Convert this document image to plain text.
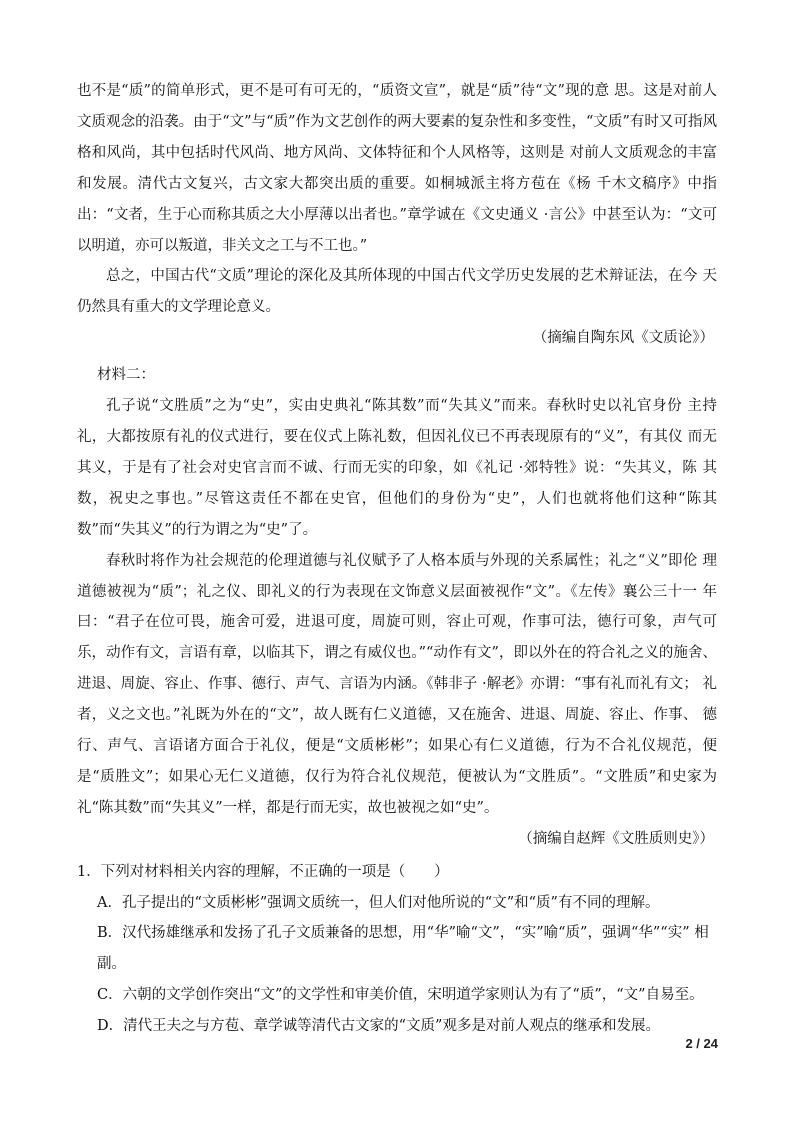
也不是“质”的简单形式，更不是可有可无的，“质资文宣”，就是“质”待“文”现的意 思。这是对前人文质观念的沿袭。由于“文”与“质”作为文艺创作的两大要素的复杂性和多变性，“文质”有时又可指风格和风尚，其中包括时代风尚、地方风尚、文体特征和个人风格等，这则是 对前人文质观念的丰富和发展。清代古文复兴，古文家大都突出质的重要。如桐城派主将方苞在《杨 千木文稿序》中指出：“文者，生于心而称其质之大小厚薄以出者也。”章学诚在《文史通义 ·言公》中甚至认为：“文可以明道，亦可以叛道，非关文之工与不工也。”

总之，中国古代“文质”理论的深化及其所体现的中国古代文学历史发展的艺术辩证法，在今 天仍然具有重大的文学理论意义。

（摘编自陶东风《文质论》）

材料二：

孔子说“文胜质”之为“史”，实由史典礼“陈其数”而“失其义”而来。春秋时史以礼官身份 主持礼，大都按原有礼的仪式进行，要在仪式上陈礼数，但因礼仪已不再表现原有的“义”，有其仪 而无其义，于是有了社会对史官言而不诚、行而无实的印象，如《礼记 ·郊特牲》说：“失其义，陈 其数，祝史之事也。”尽管这责任不都在史官，但他们的身份为“史”，人们也就将他们这种“陈其 数”而“失其义”的行为谓之为“史”了。

春秋时将作为社会规范的伦理道德与礼仪赋予了人格本质与外现的关系属性；礼之“义”即伦 理道德被视为“质”；礼之仪、即礼义的行为表现在文饰意义层面被视作“文”。《左传》襄公三十一 年曰：“君子在位可畏，施舍可爱，进退可度，周旋可则，容止可观，作事可法，德行可象，声气可 乐，动作有文，言语有章，以临其下，谓之有威仪也。”“动作有文”，即以外在的符合礼之义的施舍、 进退、周旋、容止、作事、德行、声气、言语为内涵。《韩非子 ·解老》亦谓：“事有礼而礼有文； 礼者，义之文也。”礼既为外在的“文”，故人既有仁义道德，又在施舍、进退、周旋、容止、作事、 德行、声气、言语诸方面合于礼仪，便是“文质彬彬”；如果心有仁义道德，行为不合礼仪规范，便 是“质胜文”；如果心无仁义道德，仅行为符合礼仪规范，便被认为“文胜质”。“文胜质”和史家为 礼“陈其数”而“失其义”一样，都是行而无实，故也被视之如“史”。

（摘编自赵辉《文胜质则史》）

1．下列对材料相关内容的理解，不正确的一项是（　　）

A．孔子提出的“文质彬彬”强调文质统一，但人们对他所说的“文”和“质”有不同的理解。

B．汉代扬雄继承和发扬了孔子文质兼备的思想，用“华”喻“文”，“实”喻“质”，强调“华”“实” 相副。

C．六朝的文学创作突出“文”的文学性和审美价值，宋明道学家则认为有了“质”，“文”自易至。

D．清代王夫之与方苞、章学诚等清代古文家的“文质”观多是对前人观点的继承和发展。

2 / 24
